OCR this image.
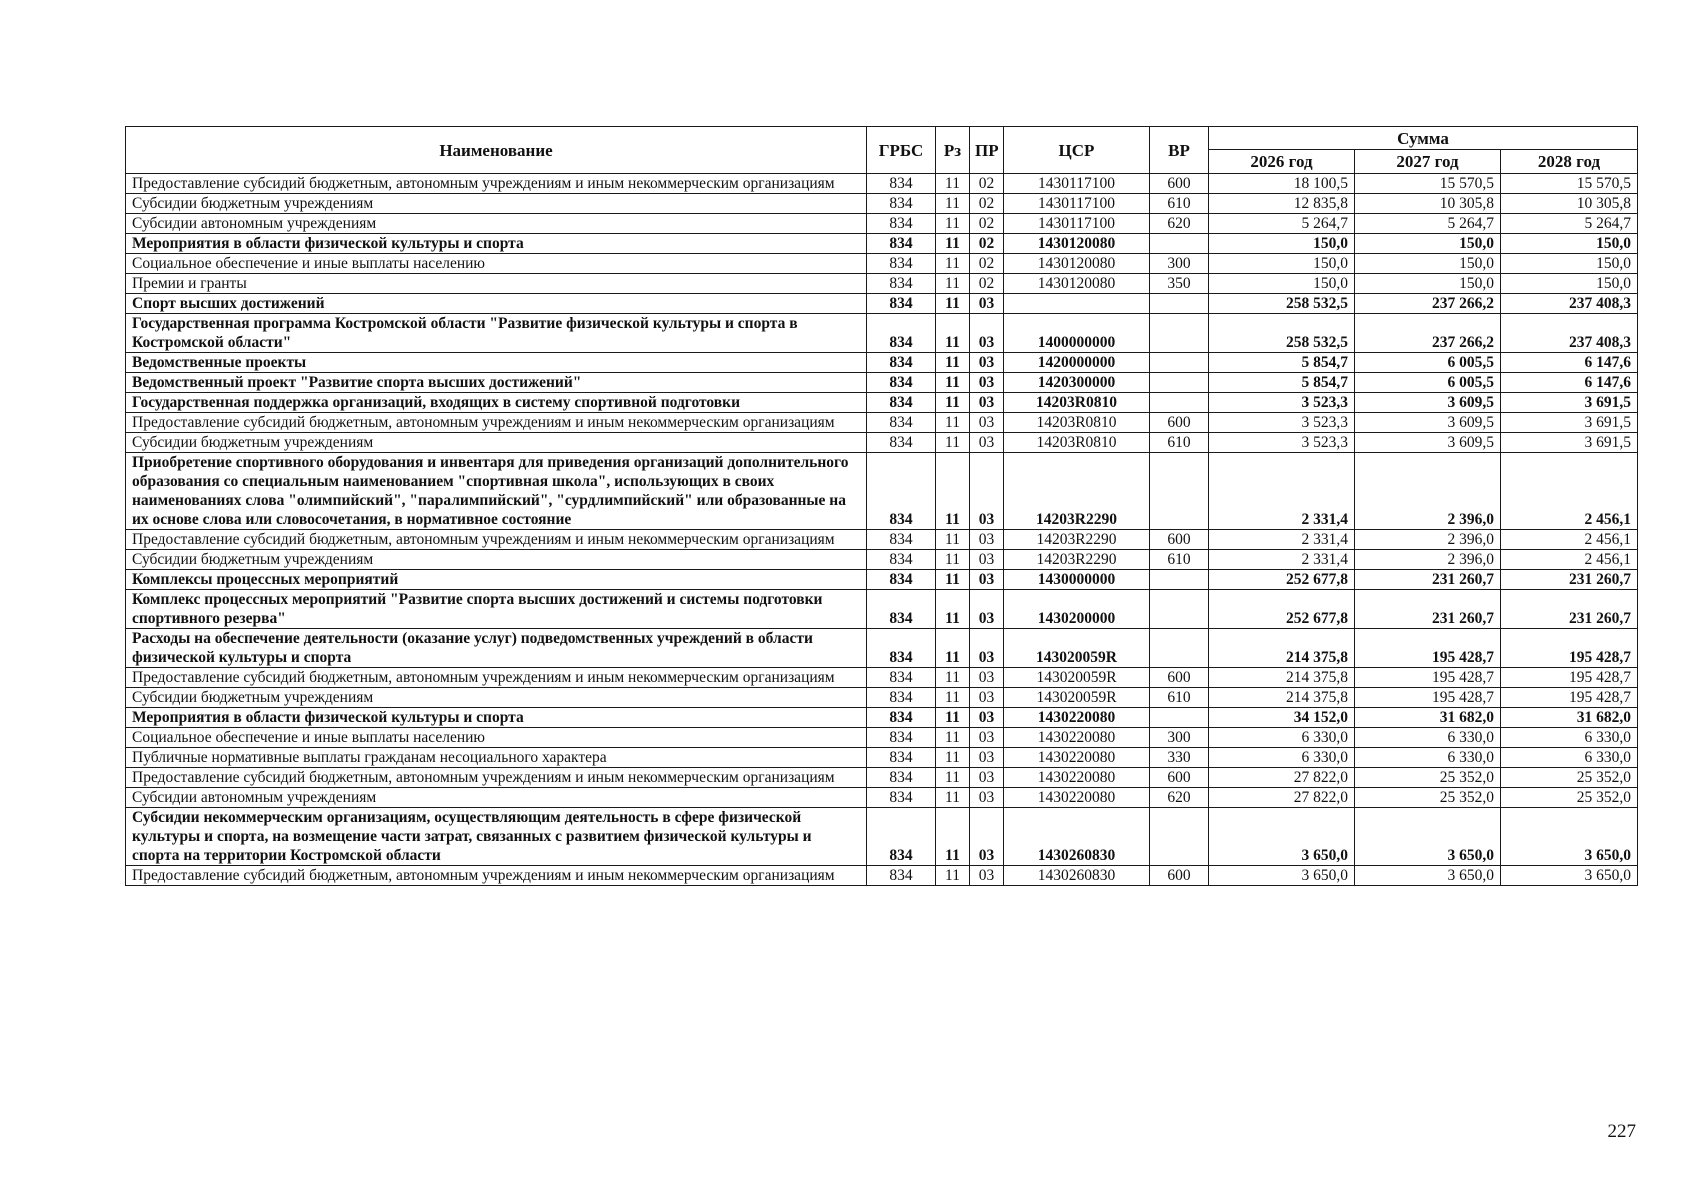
Наименование	ГРБС	Рз	ПР	ЦСР	ВР	Сумма		
						2026 год	2027 год	2028 год
Предоставление субсидий бюджетным, автономным учреждениям и иным некоммерческим организациям	834	11	02	1430117100	600	18 100,5	15 570,5	15 570,5
Субсидии бюджетным учреждениям	834	11	02	1430117100	610	12 835,8	10 305,8	10 305,8
Субсидии автономным учреждениям	834	11	02	1430117100	620	5 264,7	5 264,7	5 264,7
Мероприятия в области физической культуры и спорта	834	11	02	1430120080		150,0	150,0	150,0
Социальное обеспечение и иные выплаты населению	834	11	02	1430120080	300	150,0	150,0	150,0
Премии и гранты	834	11	02	1430120080	350	150,0	150,0	150,0
Спорт высших достижений	834	11	03			258 532,5	237 266,2	237 408,3
Государственная программа Костромской области "Развитие физической культуры и спорта в Костромской области"	834	11	03	1400000000		258 532,5	237 266,2	237 408,3
Ведомственные проекты	834	11	03	1420000000		5 854,7	6 005,5	6 147,6
Ведомственный проект "Развитие спорта высших достижений"	834	11	03	1420300000		5 854,7	6 005,5	6 147,6
Государственная поддержка организаций, входящих в систему спортивной подготовки	834	11	03	14203R0810		3 523,3	3 609,5	3 691,5
Предоставление субсидий бюджетным, автономным учреждениям и иным некоммерческим организациям	834	11	03	14203R0810	600	3 523,3	3 609,5	3 691,5
Субсидии бюджетным учреждениям	834	11	03	14203R0810	610	3 523,3	3 609,5	3 691,5
Приобретение спортивного оборудования и инвентаря для приведения организаций дополнительного образования со специальным наименованием "спортивная школа", использующих в своих наименованиях слова "олимпийский", "паралимпийский", "сурдлимпийский" или образованные на их основе слова или словосочетания, в нормативное состояние	834	11	03	14203R2290		2 331,4	2 396,0	2 456,1
Предоставление субсидий бюджетным, автономным учреждениям и иным некоммерческим организациям	834	11	03	14203R2290	600	2 331,4	2 396,0	2 456,1
Субсидии бюджетным учреждениям	834	11	03	14203R2290	610	2 331,4	2 396,0	2 456,1
Комплексы процессных мероприятий	834	11	03	1430000000		252 677,8	231 260,7	231 260,7
Комплекс процессных мероприятий "Развитие спорта высших достижений и системы подготовки спортивного резерва"	834	11	03	1430200000		252 677,8	231 260,7	231 260,7
Расходы на обеспечение деятельности (оказание услуг) подведомственных учреждений в области физической культуры и спорта	834	11	03	143020059R		214 375,8	195 428,7	195 428,7
Предоставление субсидий бюджетным, автономным учреждениям и иным некоммерческим организациям	834	11	03	143020059R	600	214 375,8	195 428,7	195 428,7
Субсидии бюджетным учреждениям	834	11	03	143020059R	610	214 375,8	195 428,7	195 428,7
Мероприятия в области физической культуры и спорта	834	11	03	1430220080		34 152,0	31 682,0	31 682,0
Социальное обеспечение и иные выплаты населению	834	11	03	1430220080	300	6 330,0	6 330,0	6 330,0
Публичные нормативные выплаты гражданам несоциального характера	834	11	03	1430220080	330	6 330,0	6 330,0	6 330,0
Предоставление субсидий бюджетным, автономным учреждениям и иным некоммерческим организациям	834	11	03	1430220080	600	27 822,0	25 352,0	25 352,0
Субсидии автономным учреждениям	834	11	03	1430220080	620	27 822,0	25 352,0	25 352,0
Субсидии некоммерческим организациям, осуществляющим деятельность в сфере физической культуры и спорта, на возмещение части затрат, связанных с развитием физической культуры и спорта на территории Костромской области	834	11	03	1430260830		3 650,0	3 650,0	3 650,0
Предоставление субсидий бюджетным, автономным учреждениям и иным некоммерческим организациям	834	11	03	1430260830	600	3 650,0	3 650,0	3 650,0
227
